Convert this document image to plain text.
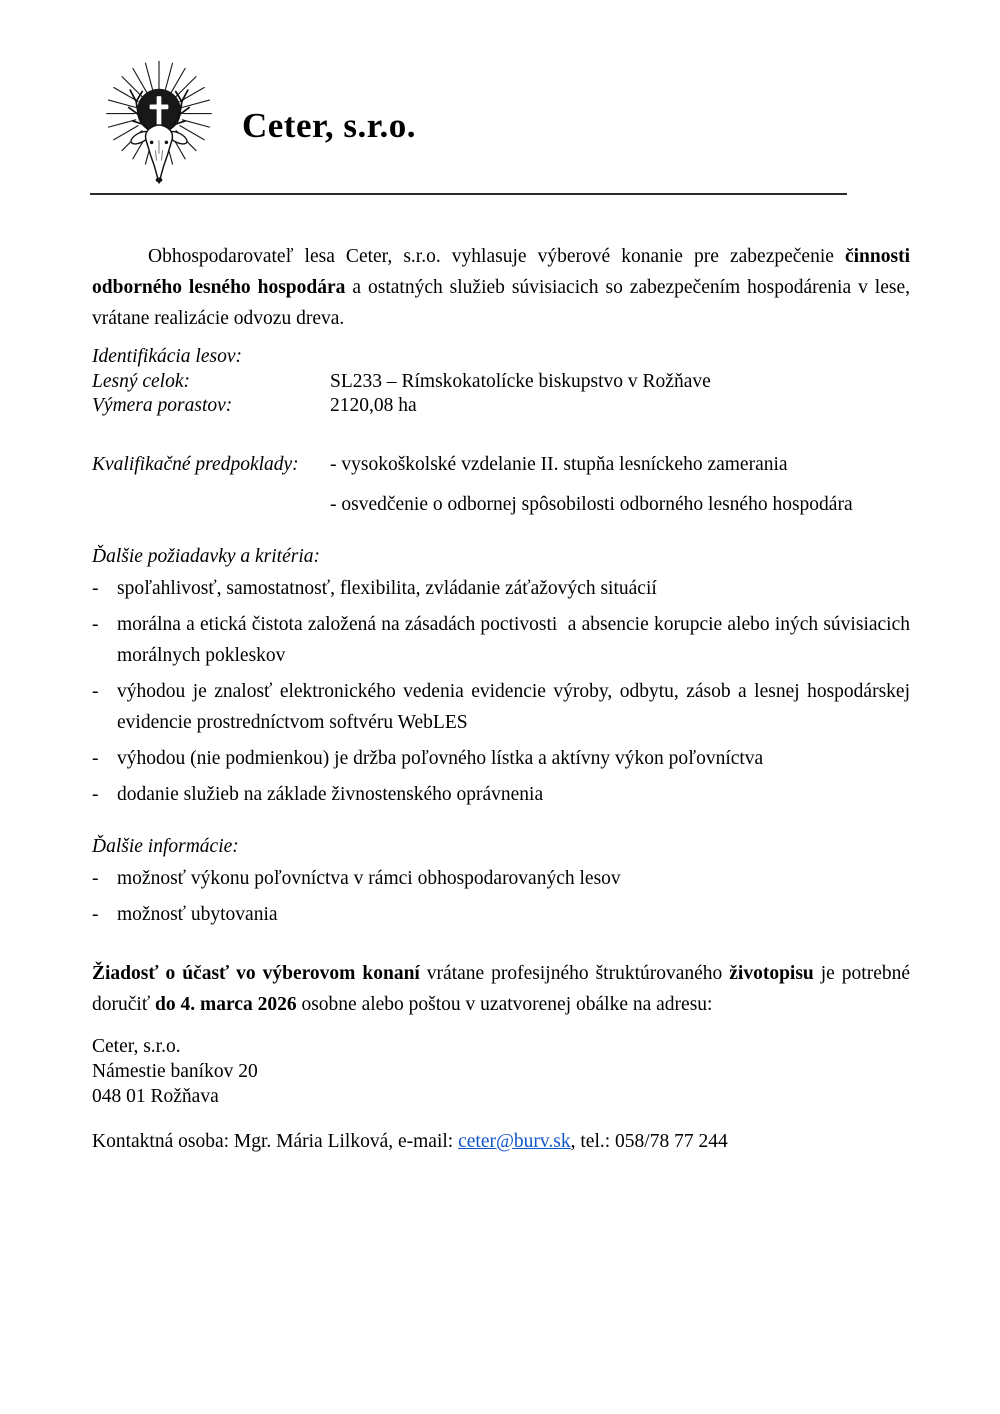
Ceter, s.r.o.

Obhospodarovateľ lesa Ceter, s.r.o. vyhlasuje výberové konanie pre zabezpečenie činnosti odborného lesného hospodára a ostatných služieb súvisiacich so zabezpečením hospodárenia v lese, vrátane realizácie odvozu dreva.

Identifikácia lesov:
Lesný celok:	SL233 – Rímskokatolícke biskupstvo v Rožňave
Výmera porastov:	2120,08 ha
Kvalifikačné predpoklady:	- vysokoškolské vzdelanie II. stupňa lesníckeho zamerania
- osvedčenie o odbornej spôsobilosti odborného lesného hospodára
Ďalšie požiadavky a kritéria:
- spoľahlivosť, samostatnosť, flexibilita, zvládanie záťažových situácií
- morálna a etická čistota založená na zásadách poctivosti  a absencie korupcie alebo iných súvisiacich morálnych pokleskov
- výhodou je znalosť elektronického vedenia evidencie výroby, odbytu, zásob a lesnej hospodárskej evidencie prostredníctvom softvéru WebLES
- výhodou (nie podmienkou) je držba poľovného lístka a aktívny výkon poľovníctva
- dodanie služieb na základe živnostenského oprávnenia
Ďalšie informácie:
- možnosť výkonu poľovníctva v rámci obhospodarovaných lesov
- možnosť ubytovania

Žiadosť o účasť vo výberovom konaní vrátane profesijného štruktúrovaného životopisu je potrebné doručiť do 4. marca 2026 osobne alebo poštou v uzatvorenej obálke na adresu:

Ceter, s.r.o.
Námestie baníkov 20
048 01 Rožňava

Kontaktná osoba: Mgr. Mária Lilková, e-mail: ceter@burv.sk, tel.: 058/78 77 244
